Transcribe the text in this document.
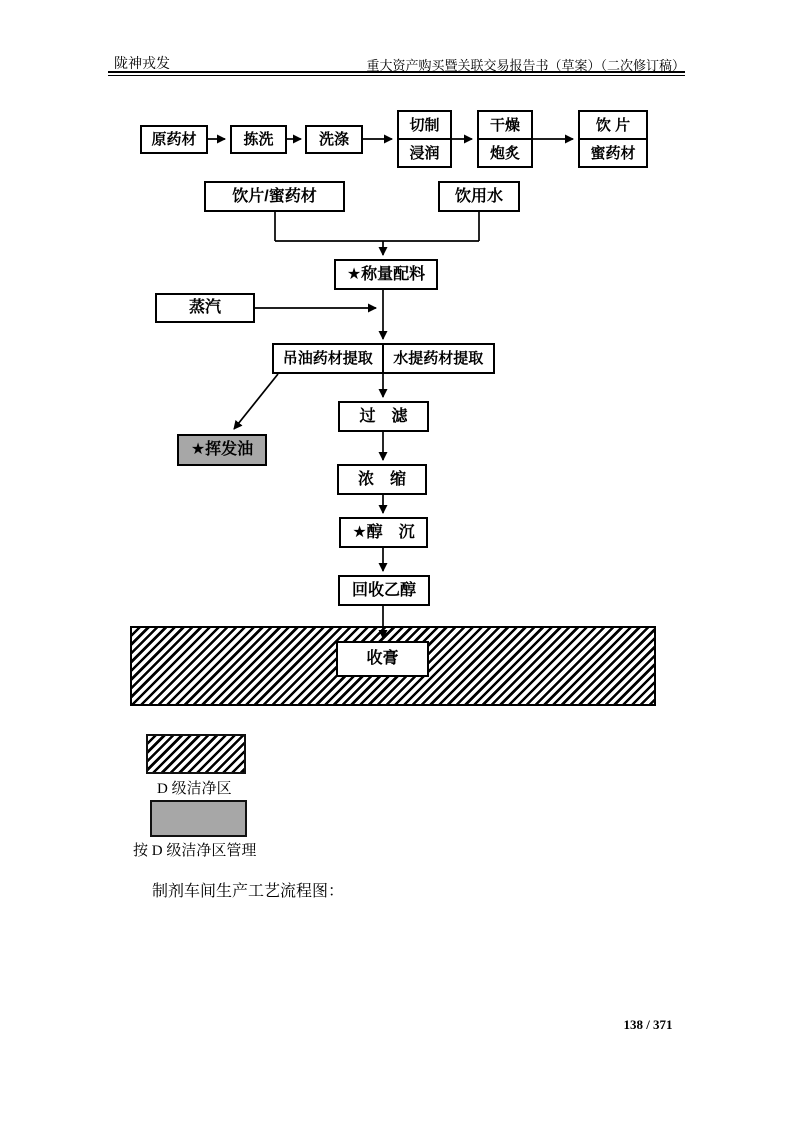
陇神戎发	重大资产购买暨关联交易报告书（草案）（二次修订稿）
原药材	拣洗	洗涤
切制
浸润
干燥
炮炙
饮 片
蜜药材
饮片/蜜药材	饮用水
★称量配料
蒸汽
吊油药材提取	水提药材提取
★挥发油
过　滤
浓　缩
★醇　沉
回收乙醇
收膏
D 级洁净区
按 D 级洁净区管理
制剂车间生产工艺流程图：
138 / 371
